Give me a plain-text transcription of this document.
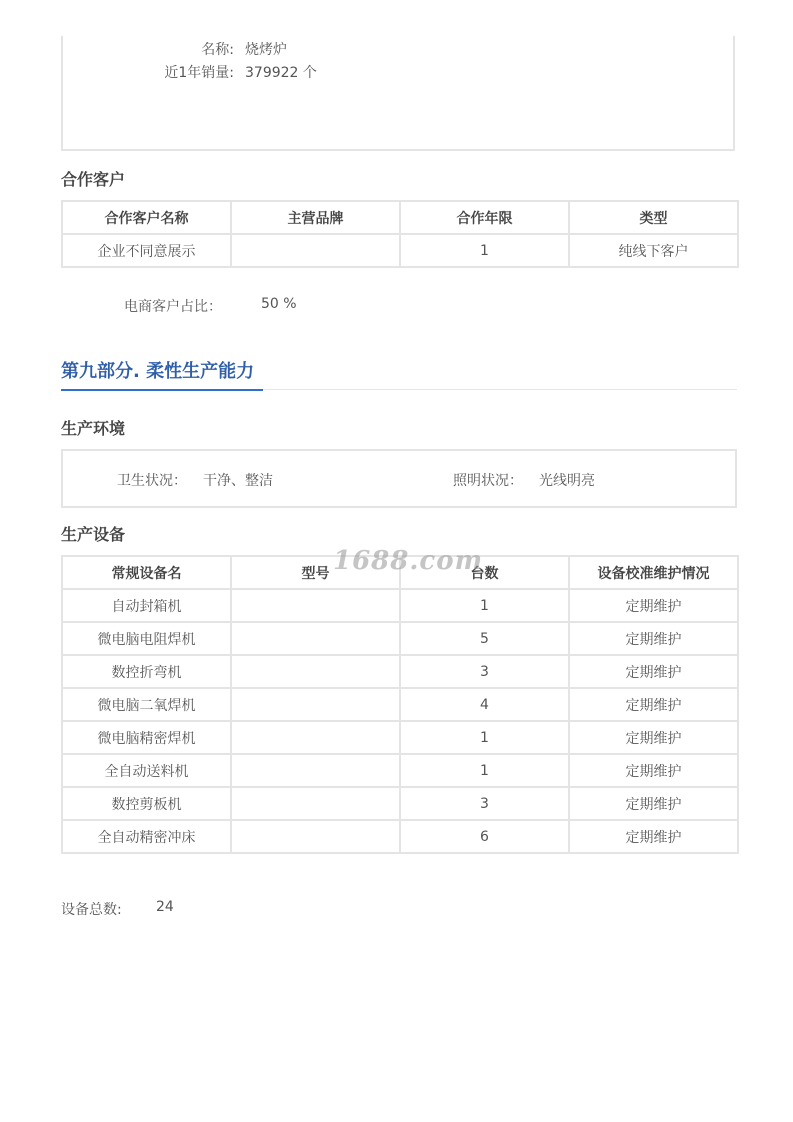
名称: 烧烤炉
近1年销量: 379922 个
合作客户
合作客户名称	主营品牌	合作年限	类型
企业不同意展示		1	纯线下客户
电商客户占比：	50 %
第九部分. 柔性生产能力
生产环境
卫生状况： 干净、整洁	照明状况： 光线明亮
生产设备
常规设备名	型号	台数	设备校准维护情况
自动封箱机		1	定期维护
微电脑电阻焊机		5	定期维护
数控折弯机		3	定期维护
微电脑二氧焊机		4	定期维护
微电脑精密焊机		1	定期维护
全自动送料机		1	定期维护
数控剪板机		3	定期维护
全自动精密冲床		6	定期维护
1688.com
设备总数: 24
